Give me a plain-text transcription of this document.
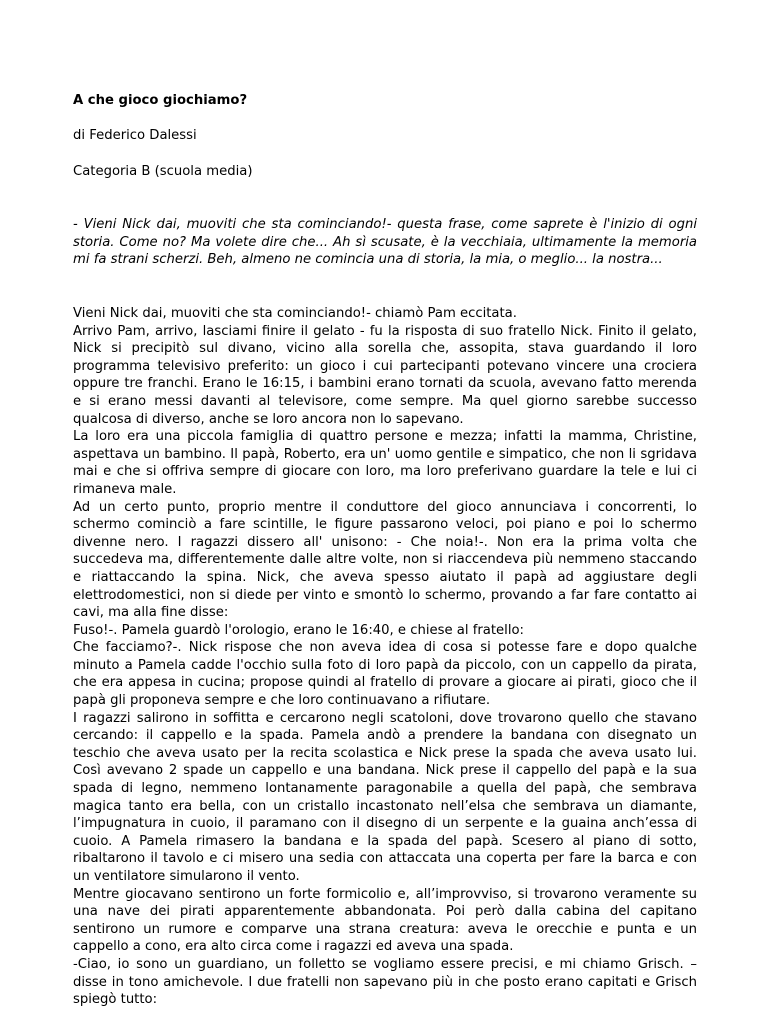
A che gioco giochiamo?

di Federico Dalessi

Categoria B (scuola media)

- Vieni Nick dai, muoviti che sta cominciando!- questa frase, come saprete è l'inizio di ogni storia. Come no? Ma volete dire che... Ah sì scusate, è la vecchiaia, ultimamente la memoria mi fa strani scherzi. Beh, almeno ne comincia una di storia, la mia, o meglio... la nostra...

Vieni Nick dai, muoviti che sta cominciando!- chiamò Pam eccitata.

Arrivo Pam, arrivo, lasciami finire il gelato - fu la risposta di suo fratello Nick. Finito il gelato, Nick si precipitò sul divano, vicino alla sorella che, assopita, stava guardando il loro programma televisivo preferito: un gioco i cui partecipanti potevano vincere una crociera oppure tre franchi. Erano le 16:15, i bambini erano tornati da scuola, avevano fatto merenda e si erano messi davanti al televisore, come sempre. Ma quel giorno sarebbe successo qualcosa di diverso, anche se loro ancora non lo sapevano.

La loro era una piccola famiglia di quattro persone e mezza; infatti la mamma, Christine, aspettava un bambino. Il papà, Roberto, era un' uomo gentile e simpatico, che non li sgridava mai e che si offriva sempre di giocare con loro, ma loro preferivano guardare la tele e lui ci rimaneva male.

Ad un certo punto, proprio mentre il conduttore del gioco annunciava i concorrenti, lo schermo cominciò a fare scintille, le figure passarono veloci, poi piano e poi lo schermo divenne nero. I ragazzi dissero all' unisono: - Che noia!-. Non era la prima volta che succedeva ma, differentemente dalle altre volte, non si riaccendeva più nemmeno staccando e riattaccando la spina. Nick, che aveva spesso aiutato il papà ad aggiustare degli elettrodomestici, non si diede per vinto e smontò lo schermo, provando a far fare contatto ai cavi, ma alla fine disse:

Fuso!-. Pamela guardò l'orologio, erano le 16:40, e chiese al fratello:

Che facciamo?-. Nick rispose che non aveva idea di cosa si potesse fare e dopo qualche minuto a Pamela cadde l'occhio sulla foto di loro papà da piccolo, con un cappello da pirata, che era appesa in cucina; propose quindi al fratello di provare a giocare ai pirati, gioco che il papà gli proponeva sempre e che loro continuavano a rifiutare.

I ragazzi salirono in soffitta e cercarono negli scatoloni, dove trovarono quello che stavano cercando: il cappello e la spada. Pamela andò a prendere la bandana con disegnato un teschio che aveva usato per la recita scolastica e Nick prese la spada che aveva usato lui. Così avevano 2 spade un cappello e una bandana. Nick prese il cappello del papà e la sua spada di legno, nemmeno lontanamente paragonabile a quella del papà, che sembrava magica tanto era bella, con un cristallo incastonato nell’elsa che sembrava un diamante, l’impugnatura in cuoio, il paramano con il disegno di un serpente e la guaina anch’essa di cuoio. A Pamela rimasero la bandana e la spada del papà. Scesero al piano di sotto, ribaltarono il tavolo e ci misero una sedia con attaccata una coperta per fare la barca e con un ventilatore simularono il vento.

Mentre giocavano sentirono un forte formicolio e, all’improvviso, si trovarono veramente su una nave dei pirati apparentemente abbandonata. Poi però dalla cabina del capitano sentirono un rumore e comparve una strana creatura: aveva le orecchie e punta e un cappello a cono, era alto circa come i ragazzi ed aveva una spada.

-Ciao, io sono un guardiano, un folletto se vogliamo essere precisi, e mi chiamo Grisch. – disse in tono amichevole. I due fratelli non sapevano più in che posto erano capitati e Grisch spiegò tutto:
